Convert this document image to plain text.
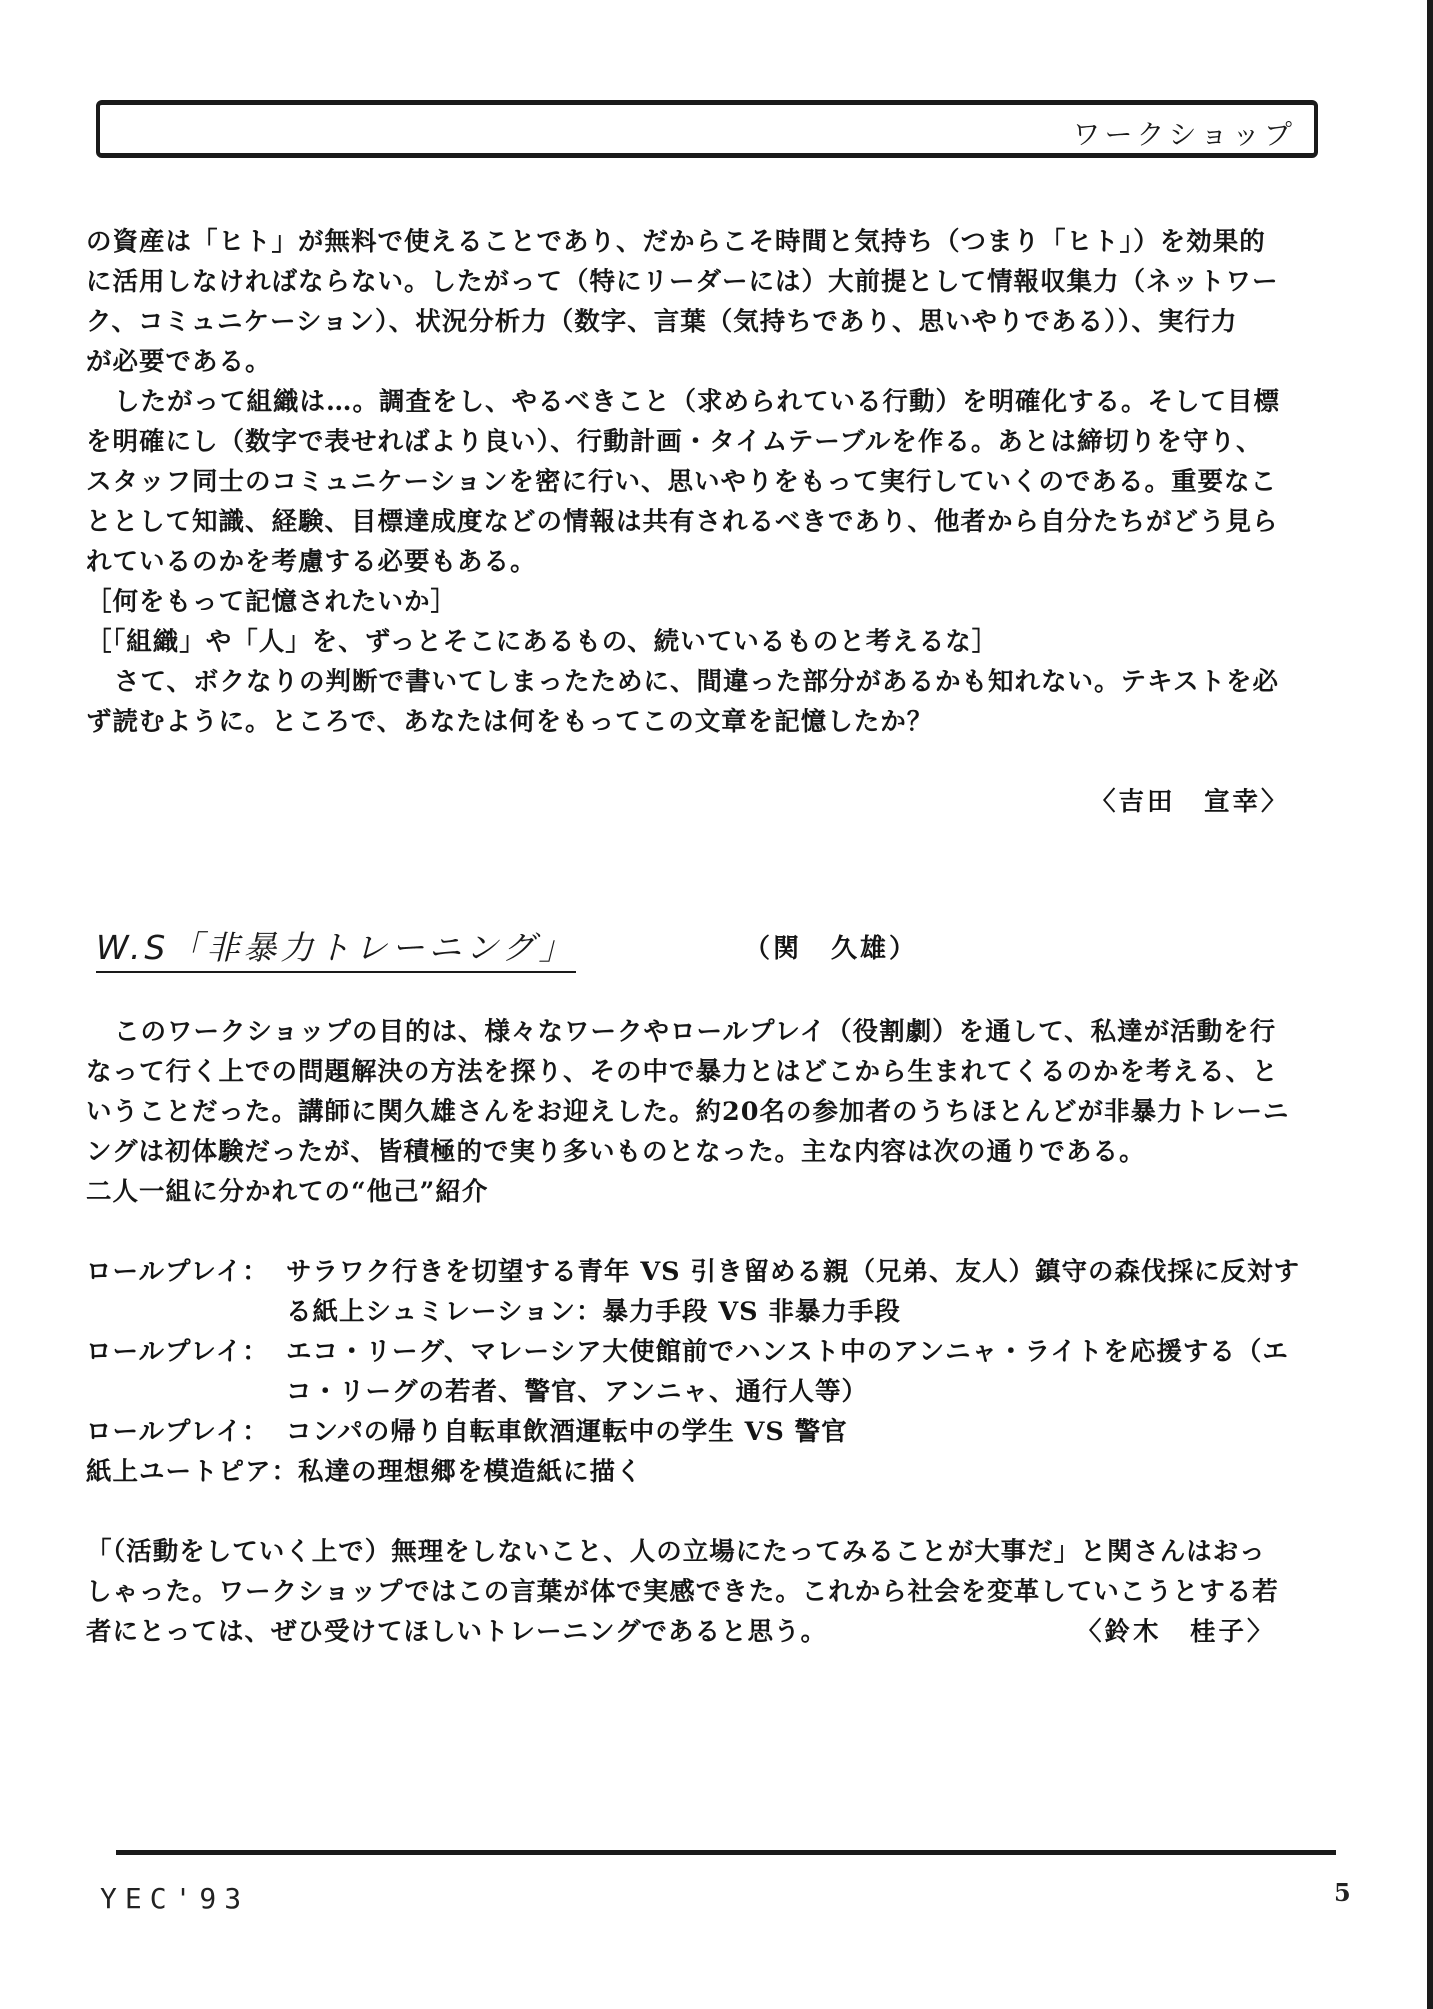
ワークショップ

の資産は「ヒト」が無料で使えることであり、だからこそ時間と気持ち（つまり「ヒト」）を効果的

に活用しなければならない。したがって（特にリーダーには）大前提として情報収集力（ネットワー

ク、コミュニケーション）、状況分析力（数字、言葉（気持ちであり、思いやりである））、実行力

が必要である。

したがって組織は…。調査をし、やるべきこと（求められている行動）を明確化する。そして目標

を明確にし（数字で表せればより良い）、行動計画・タイムテーブルを作る。あとは締切りを守り、

スタッフ同士のコミュニケーションを密に行い、思いやりをもって実行していくのである。重要なこ

ととして知識、経験、目標達成度などの情報は共有されるべきであり、他者から自分たちがどう見ら

れているのかを考慮する必要もある。

［何をもって記憶されたいか］

［「組織」や「人」を、ずっとそこにあるもの、続いているものと考えるな］

さて、ボクなりの判断で書いてしまったために、間違った部分があるかも知れない。テキストを必

ず読むように。ところで、あなたは何をもってこの文章を記憶したか？

〈吉田　宣幸〉
W.S「非暴力トレーニング」	（関　久雄）

このワークショップの目的は、様々なワークやロールプレイ（役割劇）を通して、私達が活動を行

なって行く上での問題解決の方法を探り、その中で暴力とはどこから生まれてくるのかを考える、と

いうことだった。講師に関久雄さんをお迎えした。約20名の参加者のうちほとんどが非暴力トレーニ

ングは初体験だったが、皆積極的で実り多いものとなった。主な内容は次の通りである。

二人一組に分かれての“他己”紹介

ロールプレイ： サラワク行きを切望する青年 VS 引き留める親（兄弟、友人）鎮守の森伐採に反対す
る紙上シュミレーション：暴力手段 VS 非暴力手段
ロールプレイ： エコ・リーグ、マレーシア大使館前でハンスト中のアンニャ・ライトを応援する（エ
コ・リーグの若者、警官、アンニャ、通行人等）
ロールプレイ： コンパの帰り自転車飲酒運転中の学生 VS 警官
紙上ユートピア： 私達の理想郷を模造紙に描く

「（活動をしていく上で）無理をしないこと、人の立場にたってみることが大事だ」と関さんはおっ

しゃった。ワークショップではこの言葉が体で実感できた。これから社会を変革していこうとする若

者にとっては、ぜひ受けてほしいトレーニングであると思う。	〈鈴木　桂子〉
YEC'93	5
